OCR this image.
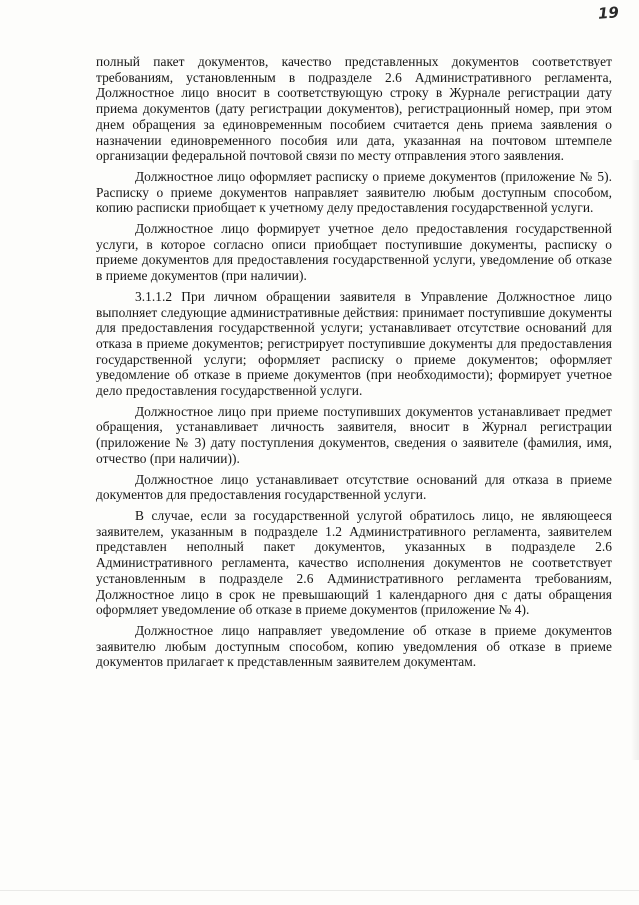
19

полный пакет документов, качество представленных документов соответствует требованиям, установленным в подразделе 2.6 Административного регламента, Должностное лицо вносит в соответствующую строку в Журнале регистрации дату приема документов (дату регистрации документов), регистрационный номер, при этом днем обращения за единовременным пособием считается день приема заявления о назначении единовременного пособия или дата, указанная на почтовом штемпеле организации федеральной почтовой связи по месту отправления этого заявления.

Должностное лицо оформляет расписку о приеме документов (приложение № 5). Расписку о приеме документов направляет заявителю любым доступным способом, копию расписки приобщает к учетному делу предоставления государственной услуги.

Должностное лицо формирует учетное дело предоставления государственной услуги, в которое согласно описи приобщает поступившие документы, расписку о приеме документов для предоставления государственной услуги, уведомление об отказе в приеме документов (при наличии).

3.1.1.2 При личном обращении заявителя в Управление Должностное лицо выполняет следующие административные действия: принимает поступившие документы для предоставления государственной услуги; устанавливает отсутствие оснований для отказа в приеме документов; регистрирует поступившие документы для предоставления государственной услуги; оформляет расписку о приеме документов; оформляет уведомление об отказе в приеме документов (при необходимости); формирует учетное дело предоставления государственной услуги.

Должностное лицо при приеме поступивших документов устанавливает предмет обращения, устанавливает личность заявителя, вносит в Журнал регистрации (приложение № 3) дату поступления документов, сведения о заявителе (фамилия, имя, отчество (при наличии)).

Должностное лицо устанавливает отсутствие оснований для отказа в приеме документов для предоставления государственной услуги.

В случае, если за государственной услугой обратилось лицо, не являющееся заявителем, указанным в подразделе 1.2 Административного регламента, заявителем представлен неполный пакет документов, указанных в подразделе 2.6 Административного регламента, качество исполнения документов не соответствует установленным в подразделе 2.6 Административного регламента требованиям, Должностное лицо в срок не превышающий 1 календарного дня с даты обращения оформляет уведомление об отказе в приеме документов (приложение № 4).

Должностное лицо направляет уведомление об отказе в приеме документов заявителю любым доступным способом, копию уведомления об отказе в приеме документов прилагает к представленным заявителем документам.
